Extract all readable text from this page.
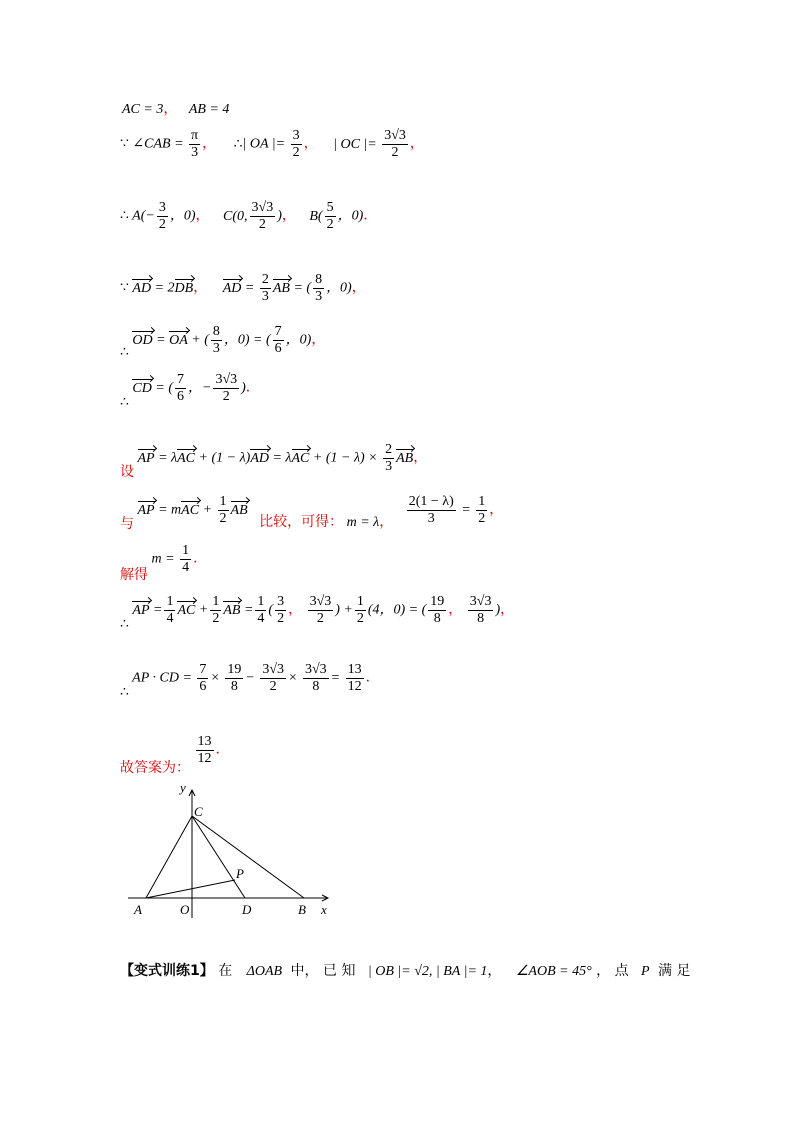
AC = 3， AB = 4
∵ ∠CAB = $\frac{\pi}{3}$ ， ∴| OA |= $\frac{3}{2}$ ， | OC |= $\frac{3√3}{2}$ ，
∴ $A(- \frac{3}{2}$ ，0)， C(0, $\frac{3√3}{2}$ )， $B( \frac{5}{2}$ ，0)．
∵ AD = 2DB， AD = $\frac{2}{3}$ AB = ( $\frac{8}{3}$ ，0)，
∴ OD = OA + ( $\frac{8}{3}$ ，0) = ( $\frac{7}{6}$ ，0)，
∴ CD = ( $\frac{7}{6}$ ，− $\frac{3√3}{2}$ )．
设 AP = $\lambda AC + (1 - \lambda)AD = \lambda AC + (1 - \lambda) \times \frac{2}{3}$ AB，
与 AP = mAC + $\frac{1}{2}$ AB 比较，可得： m = λ， $\frac{2(1 - \lambda)}{3} = \frac{1}{2}$ ，
解得 $m = \frac{1}{4}$ ．
∴ AP = $\frac{1}{4}$ AC + $\frac{1}{2}$ AB = $\frac{1}{4}$ ( $\frac{3}{2}$ ， $\frac{3√3}{2}$ ) + $\frac{1}{2} (4$，0) = ( $\frac{19}{8}$ ， $\frac{3√3}{8}$ )，
∴ AP · CD = $\frac{7}{6} \times \frac{19}{8} - \frac{3√3}{2} \times \frac{3√3}{8} = \frac{13}{12}$ ．
故答案为：
$\frac{13}{12}$ ．
y
x
C
P
A	O	D	B
【变式训练1】 在 ΔOAB 中， 已 知 | OB |= √2, | BA |= 1， ∠AOB = 45° ， 点 P 满 足
